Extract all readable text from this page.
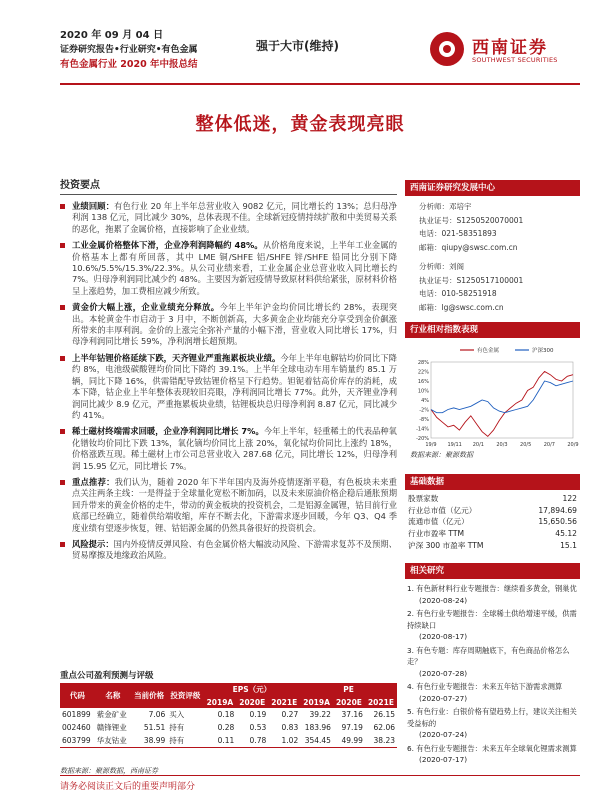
2020 年 09 月 04 日
证券研究报告•行业研究•有色金属
有色金属行业 2020 年中报总结
强于大市(维持)	西南证券
SOUTHWEST SECURITIES
整体低迷，黄金表现亮眼
投资要点
业绩回顾：有色行业 20 年上半年总营业收入 9082 亿元，同比增长约 13%；总归母净利润 138 亿元，同比减少 30%，总体表现不佳。全球新冠疫情持续扩散和中美贸易关系的恶化，拖累了金属价格，直接影响了企业业绩。
工业金属价格整体下滑，企业净利润降幅约 48%。从价格角度来说，上半年工业金属的价格基本上都有所回落，其中 LME 铜/SHFE 铝/SHFE 锌/SHFE 铅同比分别下降 10.6%/5.5%/15.3%/22.3%。从公司业绩来看，工业金属企业总营业收入同比增长约 7%。归母净利润同比减少约 48%。主要因为新冠疫情导致原材料供给紧张，原材料价格呈上涨趋势，加工费相应减少所致。
黄金价大幅上涨，企业业绩充分释放。今年上半年沪金均价同比增长约 28%，表现突出。本轮黄金牛市启动于 3 月中，不断创新高，大多黄金企业均能充分享受到金价飙涨所带来的丰厚利润。金价的上涨完全弥补产量的小幅下滑，营业收入同比增长 17%，归母净利润同比增长 59%，净利润增长超预期。
上半年钴锂价格延续下跌，天齐锂业严重拖累板块业绩。今年上半年电解钴均价同比下降约 8%，电池级碳酸锂均价同比下降约 39.1%。上半年全球电动车用车销量约 85.1 万辆，同比下降 16%，供需错配导致钴锂价格呈下行趋势。钽铌着钴高价库存的消耗，成本下降，钴企业上半年整体表现较旧亮眼，净利润同比增长 77%。此外，天齐锂业净利润同比减少 8.9 亿元，严重拖累板块业绩，钴锂板块总归母净利润 8.87 亿元，同比减少约 41%。
稀土磁材终端需求回暖，企业净利润同比增长 7%。今年上半年，轻重稀土的代表品种氧化镨钕均价同比下跌 13%，氧化镝均价同比上涨 20%，氧化铽均价同比上涨约 18%，价格涨跌互现。稀土磁材上市公司总营业收入 287.68 亿元，同比增长 12%，归母净利润 15.95 亿元，同比增长 7%。
重点推荐：我们认为，随着 2020 年下半年国内及海外疫情逐渐平稳，有色板块未来重点关注两条主线：一是得益于全球量化宽松不断加码，以及未来原油价格企稳后通胀预期回升带来的黄金价格的走牛，带动的黄金板块的投资机会，二是铝源金属锂，钴目前行业底部已经确立，随着供给端收缩，库存不断去化，下游需求逐步回暖，今年 Q3、Q4 季度业绩有望逐步恢复，锂、钴铝源金属的仍然具备很好的投资机会。
风险提示：国内外疫情反弹风险、有色金属价格大幅波动风险、下游需求复苏不及预期、贸易摩擦及地缘政治风险。
重点公司盈利预测与评级
代码	名称	当前价格	投资评级	EPS（元）			PE		
				2019A	2020E	2021E	2019A	2020E	2021E
601899	紫金矿业	7.06	买入	0.18	0.19	0.27	39.22	37.16	26.15
002460	赣锋锂业	51.51	持有	0.28	0.53	0.83	183.96	97.19	62.06
603799	华友钴业	38.99	持有	0.11	0.78	1.02	354.45	49.99	38.23
数据来源：聚源数据，西南证券
请务必阅读正文后的重要声明部分
西南证券研究发展中心
分析师：邓培宇
执业证号：S1250520070001
电话：021-58351893
邮箱：qiupy@swsc.com.cn
分析师：刘阁
执业证号：S1250517100001
电话：010-58251918
邮箱：lg@swsc.com.cn
行业相对指数表现
-20%
-14%
-8%
-2%
4%
10%
16%
22%
28%
19/9 19/11 20/1 20/3 20/5 20/7 20/9
有色金属	沪深300
数据来源：聚源数据
基础数据
股票家数	122
行业总市值（亿元）	17,894.69
流通市值（亿元）	15,650.56
行业市盈率 TTM	45.12
沪深 300 市盈率 TTM	15.1
相关研究
1. 有色新材料行业专题报告：继续看多黄金，钢巢优
(2020-08-24)
2. 有色行业专题报告：全球稀土供给增速平缓，供需持续缺口
(2020-08-17)
3. 有色专题：库存周期触底下，有色商品价格怎么走？
(2020-07-28)
4. 有色行业专题报告：未来五年钴下游需求测算
(2020-07-27)
5. 有色行业：白银价格有望趋势上行，建议关注相关受益标的
(2020-07-24)
6. 有色行业专题报告：未来五年全球氧化锂需求测算
(2020-07-17)
